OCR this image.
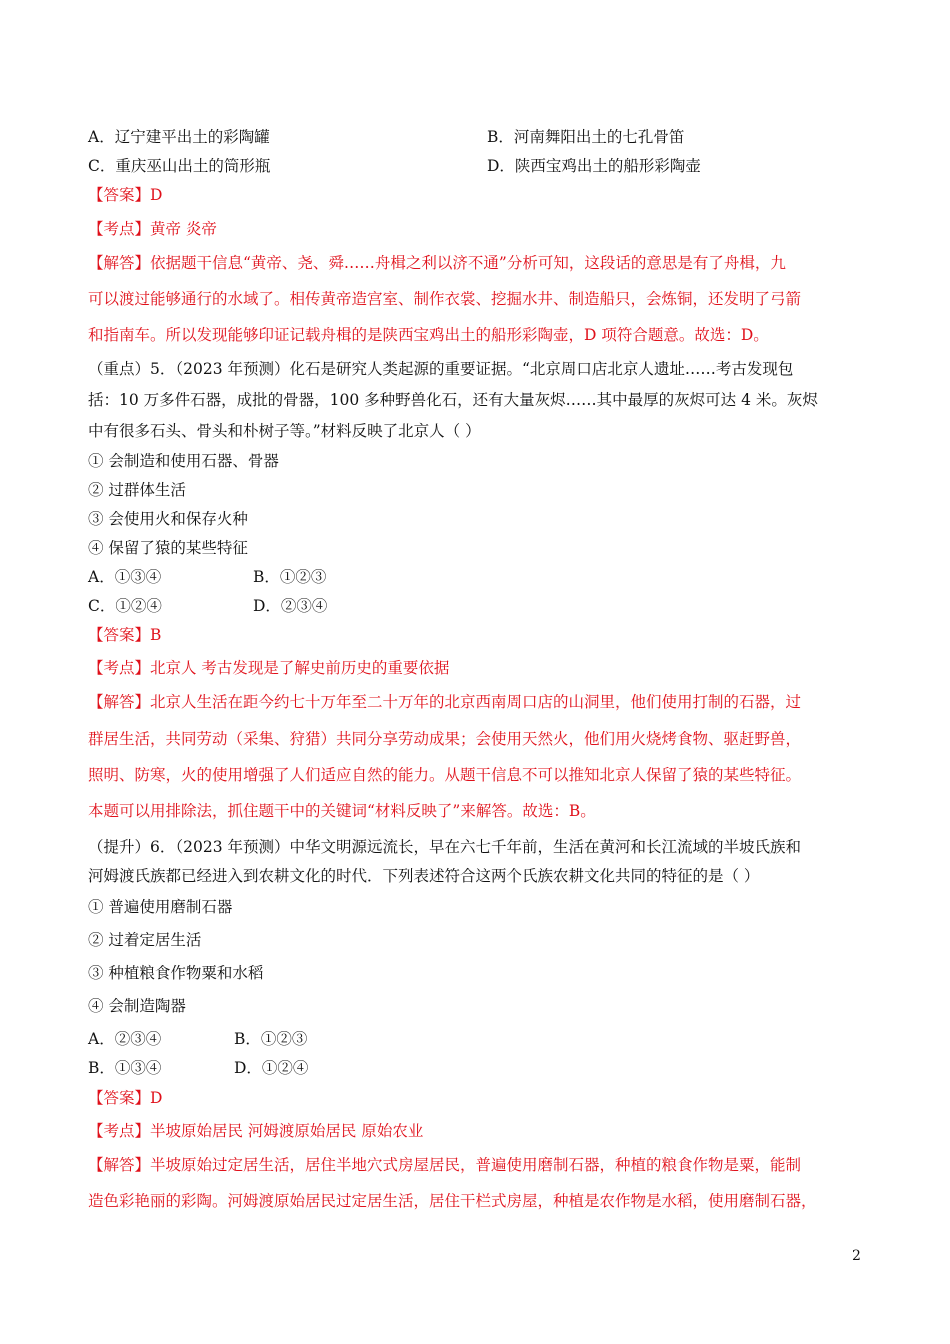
A．辽宁建平出土的彩陶罐	B．河南舞阳出土的七孔骨笛
C．重庆巫山出土的筒形瓶	D．陕西宝鸡出土的船形彩陶壶
【答案】D
【考点】黄帝 炎帝
【解答】依据题干信息“黄帝、尧、舜……舟楫之利以济不通”分析可知，这段话的意思是有了舟楫，九
可以渡过能够通行的水域了。相传黄帝造宫室、制作衣裳、挖掘水井、制造船只，会炼铜，还发明了弓箭
和指南车。所以发现能够印证记载舟楫的是陕西宝鸡出土的船形彩陶壶，D 项符合题意。故选：D。
（重点）5．（2023 年预测）化石是研究人类起源的重要证据。“北京周口店北京人遗址……考古发现包
括：10 万多件石器，成批的骨器，100 多种野兽化石，还有大量灰烬……其中最厚的灰烬可达 4 米。灰烬
中有很多石头、骨头和朴树子等。”材料反映了北京人（ ）
① 会制造和使用石器、骨器
② 过群体生活
③ 会使用火和保存火种
④ 保留了猿的某些特征
A．①③④	B．①②③
C．①②④	D．②③④
【答案】B
【考点】北京人 考古发现是了解史前历史的重要依据
【解答】北京人生活在距今约七十万年至二十万年的北京西南周口店的山洞里，他们使用打制的石器，过
群居生活，共同劳动（采集、狩猎）共同分享劳动成果；会使用天然火，他们用火烧烤食物、驱赶野兽，
照明、防寒，火的使用增强了人们适应自然的能力。从题干信息不可以推知北京人保留了猿的某些特征。
本题可以用排除法，抓住题干中的关键词“材料反映了”来解答。故选：B。
（提升）6．（2023 年预测）中华文明源远流长，早在六七千年前，生活在黄河和长江流域的半坡氏族和
河姆渡氏族都已经进入到农耕文化的时代．下列表述符合这两个氏族农耕文化共同的特征的是（ ）
① 普遍使用磨制石器
② 过着定居生活
③ 种植粮食作物粟和水稻
④ 会制造陶器
A．②③④	B．①②③
B．①③④	D．①②④
【答案】D
【考点】半坡原始居民 河姆渡原始居民 原始农业
【解答】半坡原始过定居生活，居住半地穴式房屋居民，普遍使用磨制石器，种植的粮食作物是粟，能制
造色彩艳丽的彩陶。河姆渡原始居民过定居生活，居住干栏式房屋，种植是农作物是水稻，使用磨制石器，
2
